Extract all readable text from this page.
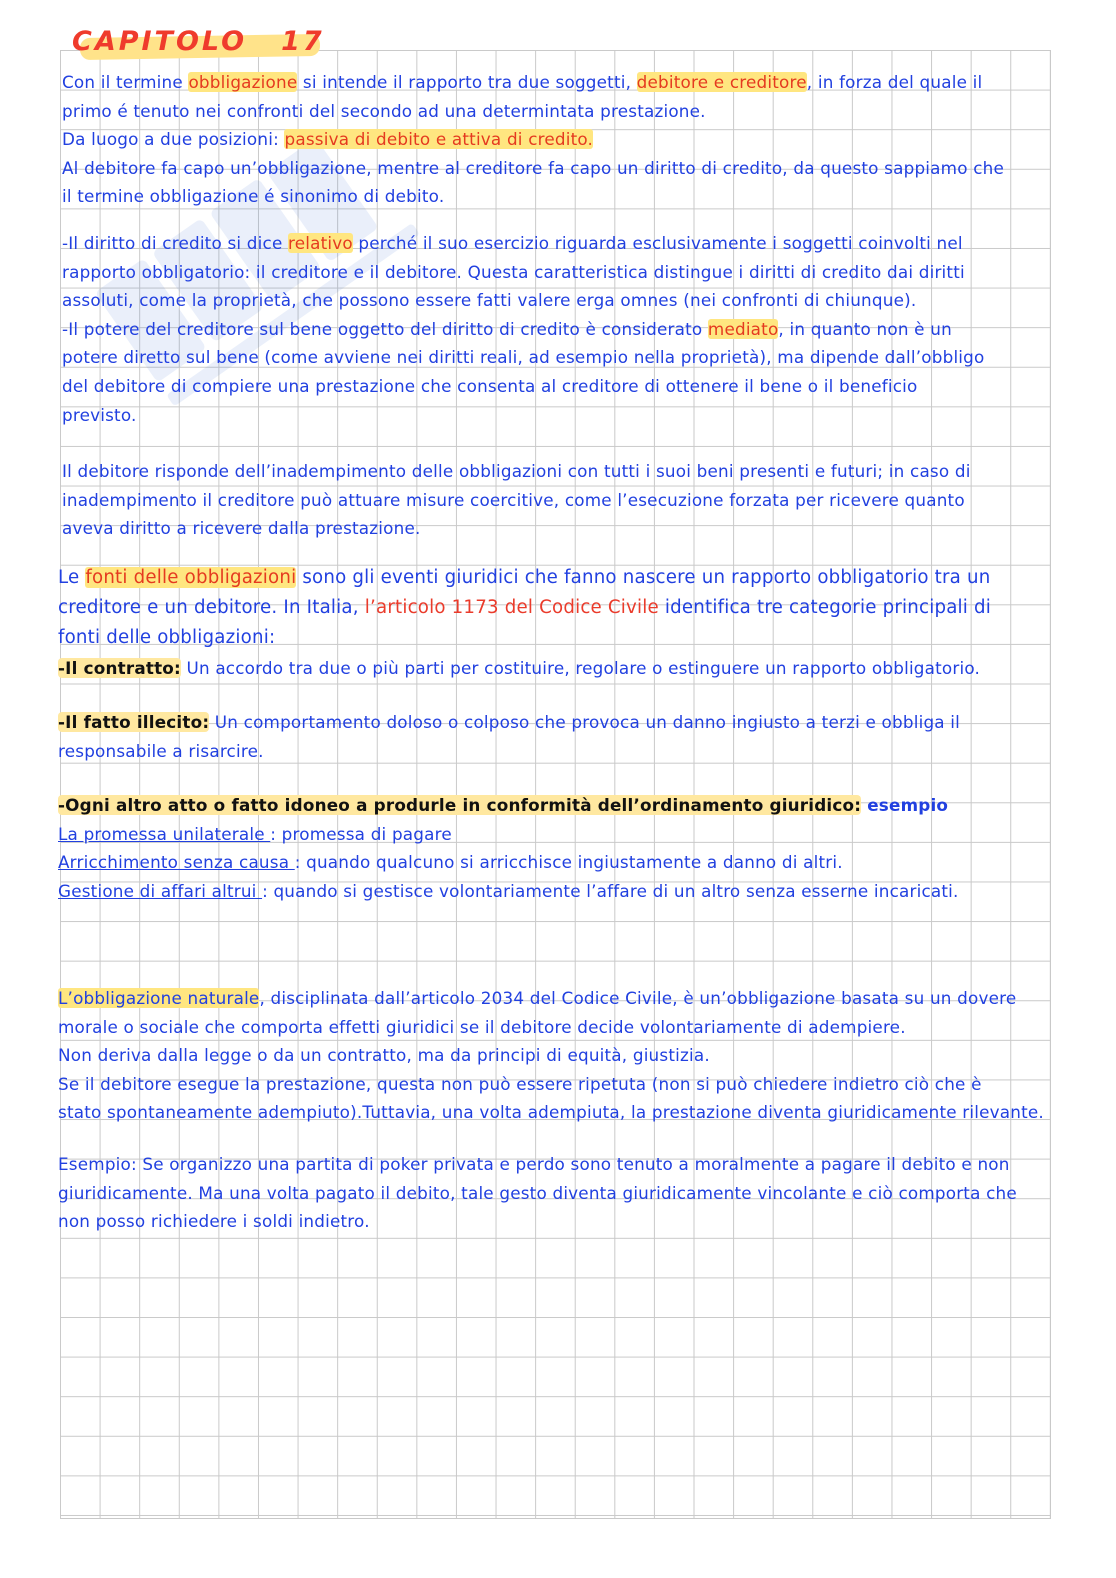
CAPITOLO 17
Con il termine obbligazione si intende il rapporto tra due soggetti, debitore e creditore, in forza del quale il
primo é tenuto nei confronti del secondo ad una determintata prestazione.
Da luogo a due posizioni: passiva di debito e attiva di credito.
Al debitore fa capo un’obbligazione, mentre al creditore fa capo un diritto di credito, da questo sappiamo che
il termine obbligazione é sinonimo di debito.
-Il diritto di credito si dice relativo perché il suo esercizio riguarda esclusivamente i soggetti coinvolti nel
rapporto obbligatorio: il creditore e il debitore. Questa caratteristica distingue i diritti di credito dai diritti
assoluti, come la proprietà, che possono essere fatti valere erga omnes (nei confronti di chiunque).
-Il potere del creditore sul bene oggetto del diritto di credito è considerato mediato, in quanto non è un
potere diretto sul bene (come avviene nei diritti reali, ad esempio nella proprietà), ma dipende dall’obbligo
del debitore di compiere una prestazione che consenta al creditore di ottenere il bene o il beneficio
previsto.
Il debitore risponde dell’inadempimento delle obbligazioni con tutti i suoi beni presenti e futuri; in caso di
inadempimento il creditore può attuare misure coercitive, come l’esecuzione forzata per ricevere quanto
aveva diritto a ricevere dalla prestazione.
Le fonti delle obbligazioni sono gli eventi giuridici che fanno nascere un rapporto obbligatorio tra un
creditore e un debitore. In Italia, l’articolo 1173 del Codice Civile identifica tre categorie principali di
fonti delle obbligazioni:
-Il contratto: Un accordo tra due o più parti per costituire, regolare o estinguere un rapporto obbligatorio.
-Il fatto illecito: Un comportamento doloso o colposo che provoca un danno ingiusto a terzi e obbliga il
responsabile a risarcire.
-Ogni altro atto o fatto idoneo a produrle in conformità dell’ordinamento giuridico: esempio
La promessa unilaterale : promessa di pagare
Arricchimento senza causa : quando qualcuno si arricchisce ingiustamente a danno di altri.
Gestione di affari altrui : quando si gestisce volontariamente l’affare di un altro senza esserne incaricati.
L’obbligazione naturale, disciplinata dall’articolo 2034 del Codice Civile, è un’obbligazione basata su un dovere
morale o sociale che comporta effetti giuridici se il debitore decide volontariamente di adempiere.
Non deriva dalla legge o da un contratto, ma da principi di equità, giustizia.
Se il debitore esegue la prestazione, questa non può essere ripetuta (non si può chiedere indietro ciò che è
stato spontaneamente adempiuto).Tuttavia, una volta adempiuta, la prestazione diventa giuridicamente rilevante.
Esempio: Se organizzo una partita di poker privata e perdo sono tenuto a moralmente a pagare il debito e non
giuridicamente. Ma una volta pagato il debito, tale gesto diventa giuridicamente vincolante e ciò comporta che
non posso richiedere i soldi indietro.
